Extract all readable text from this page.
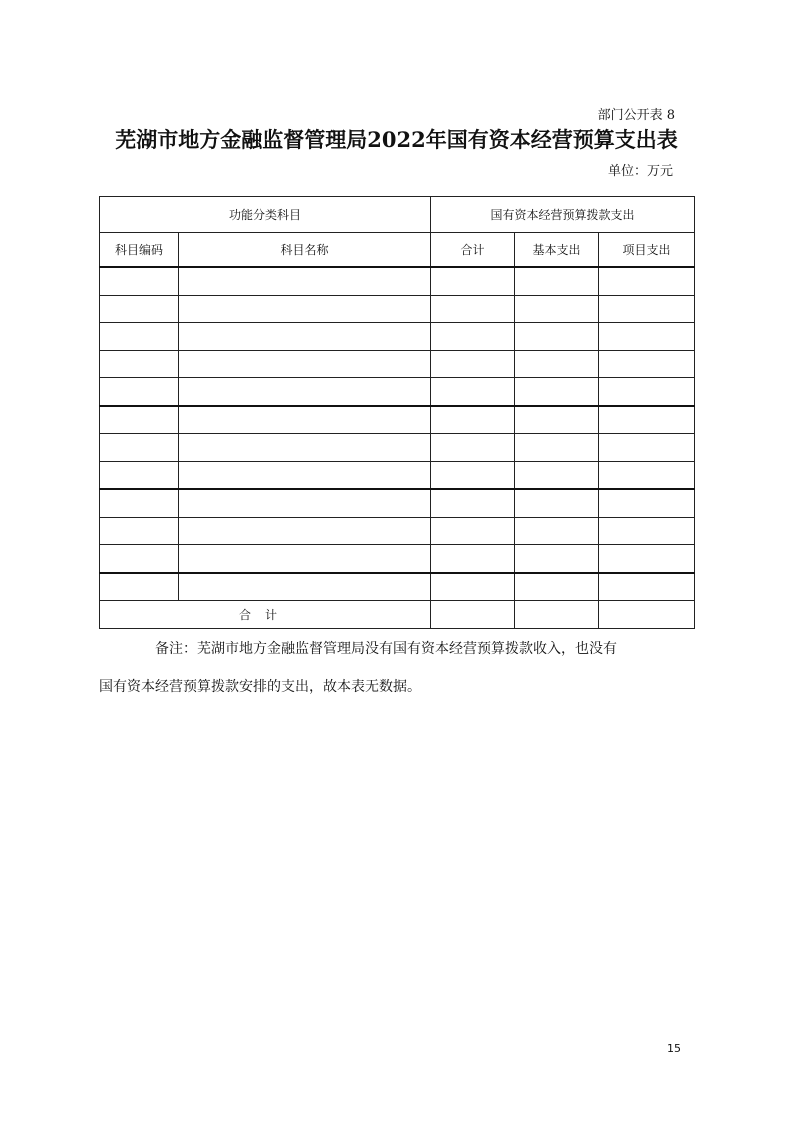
部门公开表 8
芜湖市地方金融监督管理局2022年国有资本经营预算支出表
单位：万元
功能分类科目		国有资本经营预算拨款支出		
科目编码	科目名称	合计	基本支出	项目支出

合计				
备注：芜湖市地方金融监督管理局没有国有资本经营预算拨款收入，也没有
国有资本经营预算拨款安排的支出，故本表无数据。
15
